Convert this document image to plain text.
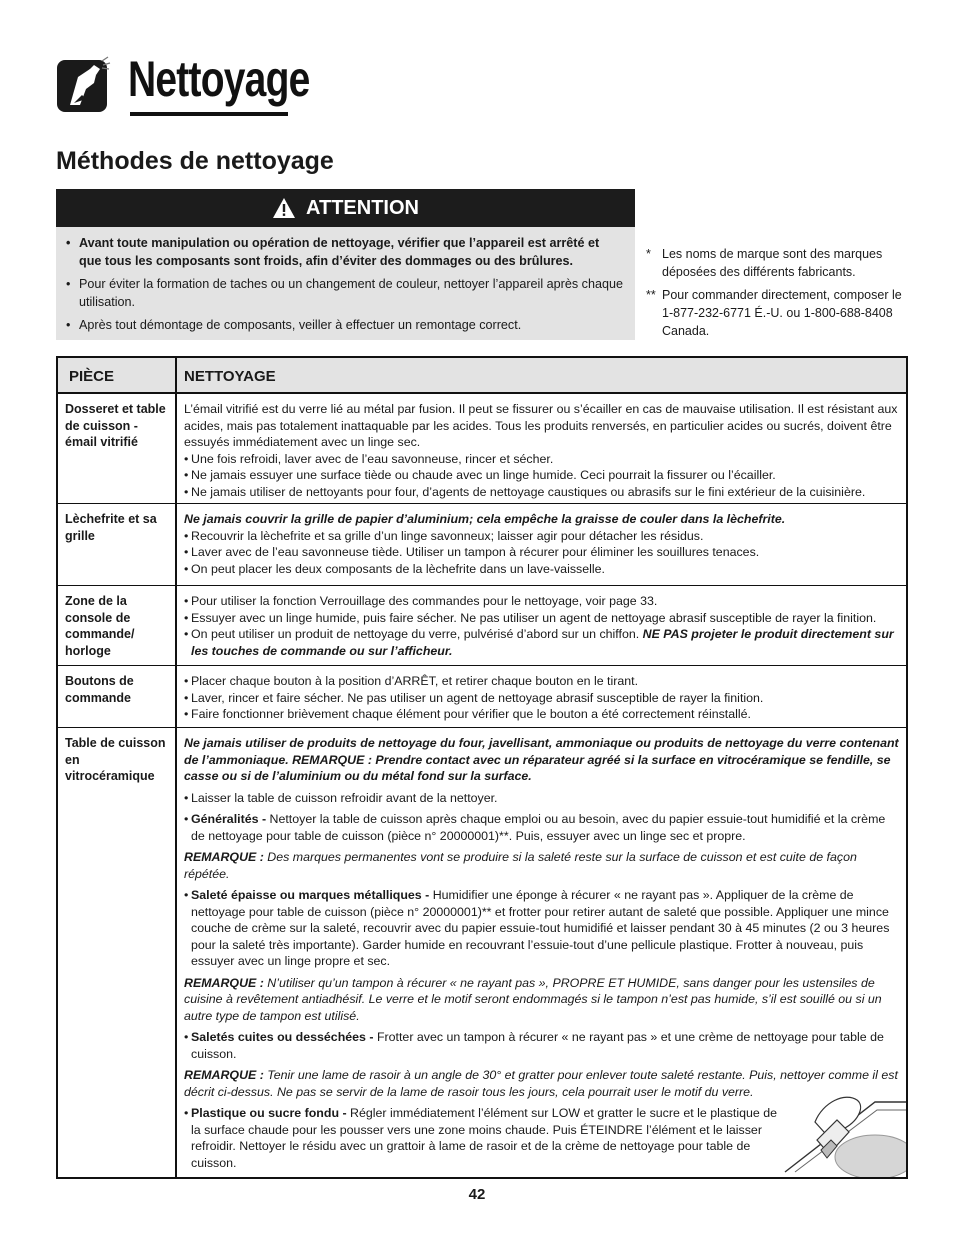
Nettoyage
Méthodes de nettoyage
ATTENTION
• Avant toute manipulation ou opération de nettoyage, vérifier que l’appareil est arrêté et que tous les composants sont froids, afin d’éviter des dommages ou des brûlures.
• Pour éviter la formation de taches ou un changement de couleur, nettoyer l’appareil après chaque utilisation.
• Après tout démontage de composants, veiller à effectuer un remontage correct.
* Les noms de marque sont des marques déposées des différents fabricants.
** Pour commander directement, composer le 1-877-232-6771 É.-U. ou 1-800-688-8408 Canada.
PIÈCE	NETTOYAGE
Dosseret et table de cuisson - émail vitrifié
L’émail vitrifié est du verre lié au métal par fusion. Il peut se fissurer ou s’écailler en cas de mauvaise utilisation. Il est résistant aux acides, mais pas totalement inattaquable par les acides. Tous les produits renversés, en particulier acides ou sucrés, doivent être essuyés immédiatement avec un linge sec.
• Une fois refroidi, laver avec de l’eau savonneuse, rincer et sécher.
• Ne jamais essuyer une surface tiède ou chaude avec un linge humide. Ceci pourrait la fissurer ou l’écailler.
• Ne jamais utiliser de nettoyants pour four, d’agents de nettoyage caustiques ou abrasifs sur le fini extérieur de la cuisinière.
Lèchefrite et sa grille
Ne jamais couvrir la grille de papier d’aluminium; cela empêche la graisse de couler dans la lèchefrite.
• Recouvrir la lèchefrite et sa grille d’un linge savonneux; laisser agir pour détacher les résidus.
• Laver avec de l’eau savonneuse tiède. Utiliser un tampon à récurer pour éliminer les souillures tenaces.
• On peut placer les deux composants de la lèchefrite dans un lave-vaisselle.
Zone de la console de commande/ horloge
• Pour utiliser la fonction Verrouillage des commandes pour le nettoyage, voir page 33.
• Essuyer avec un linge humide, puis faire sécher. Ne pas utiliser un agent de nettoyage abrasif susceptible de rayer la finition.
• On peut utiliser un produit de nettoyage du verre, pulvérisé d’abord sur un chiffon. NE PAS projeter le produit directement sur les touches de commande ou sur l’afficheur.
Boutons de commande
• Placer chaque bouton à la position d’ARRÊT, et retirer chaque bouton en le tirant.
• Laver, rincer et faire sécher. Ne pas utiliser un agent de nettoyage abrasif susceptible de rayer la finition.
• Faire fonctionner brièvement chaque élément pour vérifier que le bouton a été correctement réinstallé.
Table de cuisson en vitrocéramique
Ne jamais utiliser de produits de nettoyage du four, javellisant, ammoniaque ou produits de nettoyage du verre contenant de l’ammoniaque. REMARQUE : Prendre contact avec un réparateur agréé si la surface en vitrocéramique se fendille, se casse ou si de l’aluminium ou du métal fond sur la surface.
• Laisser la table de cuisson refroidir avant de la nettoyer.
• Généralités - Nettoyer la table de cuisson après chaque emploi ou au besoin, avec du papier essuie-tout humidifié et la crème de nettoyage pour table de cuisson (pièce n° 20000001)**. Puis, essuyer avec un linge sec et propre.
REMARQUE : Des marques permanentes vont se produire si la saleté reste sur la surface de cuisson et est cuite de façon répétée.
• Saleté épaisse ou marques métalliques - Humidifier une éponge à récurer « ne rayant pas ». Appliquer de la crème de nettoyage pour table de cuisson (pièce n° 20000001)** et frotter pour retirer autant de saleté que possible. Appliquer une mince couche de crème sur la saleté, recouvrir avec du papier essuie-tout humidifié et laisser pendant 30 à 45 minutes (2 ou 3 heures pour la saleté très importante). Garder humide en recouvrant l’essuie-tout d’une pellicule plastique. Frotter à nouveau, puis essuyer avec un linge propre et sec.
REMARQUE : N’utiliser qu’un tampon à récurer « ne rayant pas », PROPRE ET HUMIDE, sans danger pour les ustensiles de cuisine à revêtement antiadhésif. Le verre et le motif seront endommagés si le tampon n’est pas humide, s’il est souillé ou si un autre type de tampon est utilisé.
• Saletés cuites ou desséchées - Frotter avec un tampon à récurer « ne rayant pas » et une crème de nettoyage pour table de cuisson.
REMARQUE : Tenir une lame de rasoir à un angle de 30° et gratter pour enlever toute saleté restante. Puis, nettoyer comme il est décrit ci-dessus. Ne pas se servir de la lame de rasoir tous les jours, cela pourrait user le motif du verre.
• Plastique ou sucre fondu - Régler immédiatement l’élément sur LOW et gratter le sucre et le plastique de la surface chaude pour les pousser vers une zone moins chaude. Puis ÉTEINDRE l’élément et le laisser refroidir. Nettoyer le résidu avec un grattoir à lame de rasoir et de la crème de nettoyage pour table de cuisson.
42
